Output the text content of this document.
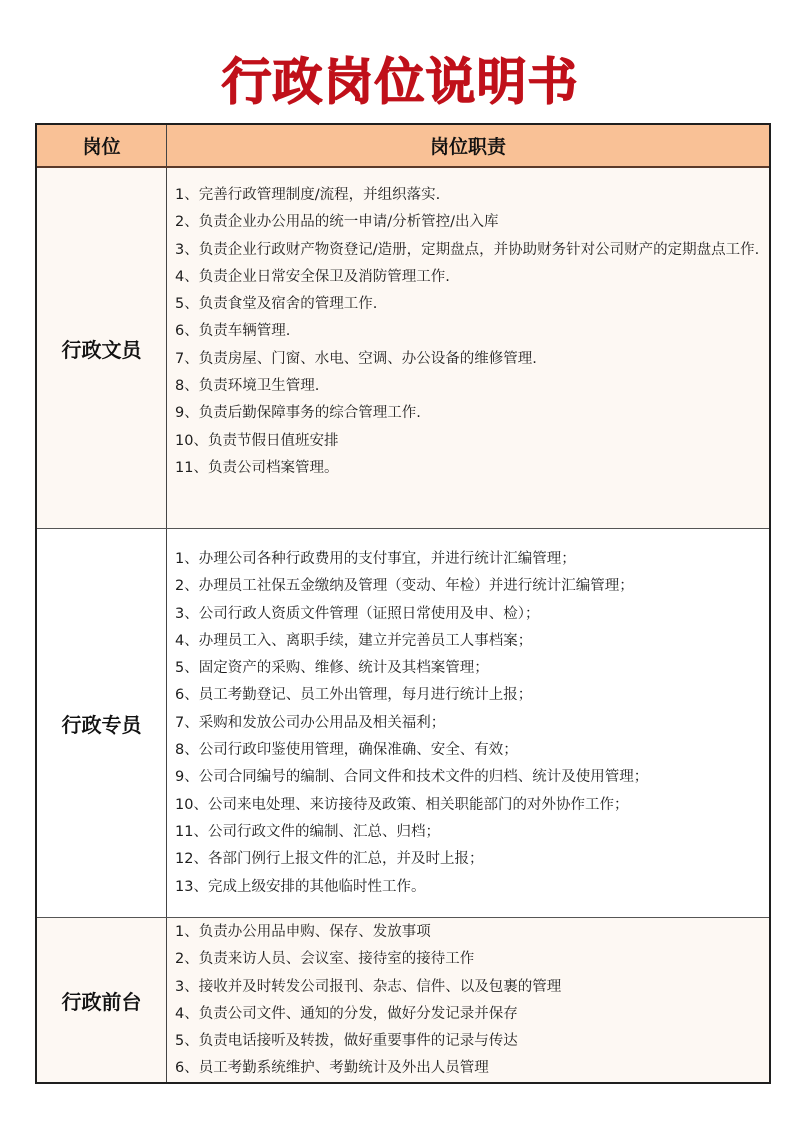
行政岗位说明书
岗位	岗位职责
行政文员
1、完善行政管理制度/流程，并组织落实.
2、负责企业办公用品的统一申请/分析管控/出入库
3、负责企业行政财产物资登记/造册，定期盘点，并协助财务针对公司财产的定期盘点工作.
4、负责企业日常安全保卫及消防管理工作.
5、负责食堂及宿舍的管理工作.
6、负责车辆管理.
7、负责房屋、门窗、水电、空调、办公设备的维修管理.
8、负责环境卫生管理.
9、负责后勤保障事务的综合管理工作.
10、负责节假日值班安排
11、负责公司档案管理。
行政专员
1、办理公司各种行政费用的支付事宜，并进行统计汇编管理；
2、办理员工社保五金缴纳及管理（变动、年检）并进行统计汇编管理；
3、公司行政人资质文件管理（证照日常使用及申、检）；
4、办理员工入、离职手续，建立并完善员工人事档案；
5、固定资产的采购、维修、统计及其档案管理；
6、员工考勤登记、员工外出管理，每月进行统计上报；
7、采购和发放公司办公用品及相关福利；
8、公司行政印鉴使用管理，确保准确、安全、有效；
9、公司合同编号的编制、合同文件和技术文件的归档、统计及使用管理；
10、公司来电处理、来访接待及政策、相关职能部门的对外协作工作；
11、公司行政文件的编制、汇总、归档；
12、各部门例行上报文件的汇总，并及时上报；
13、完成上级安排的其他临时性工作。
行政前台
1、负责办公用品申购、保存、发放事项
2、负责来访人员、会议室、接待室的接待工作
3、接收并及时转发公司报刊、杂志、信件、以及包裹的管理
4、负责公司文件、通知的分发，做好分发记录并保存
5、负责电话接听及转拨，做好重要事件的记录与传达
6、员工考勤系统维护、考勤统计及外出人员管理
